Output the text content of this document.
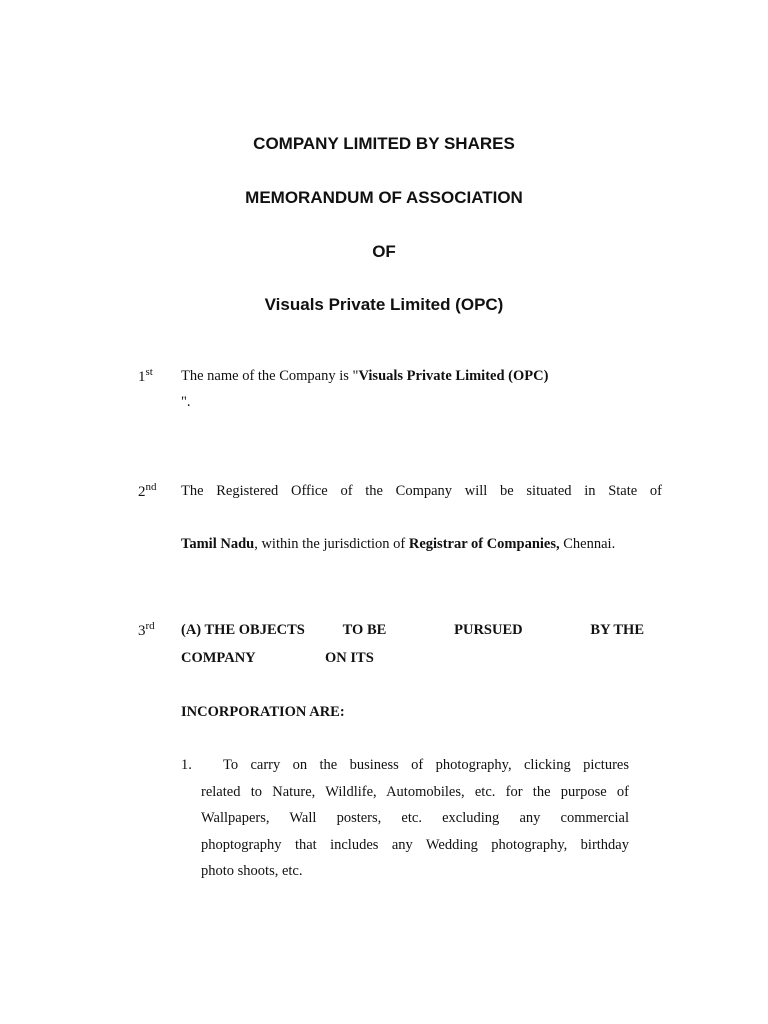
COMPANY LIMITED BY SHARES
MEMORANDUM OF ASSOCIATION
OF
Visuals Private Limited (OPC)
1st The name of the Company is "Visuals Private Limited (OPC)
".
2nd The Registered Office of the Company will be situated in State of
Tamil Nadu, within the jurisdiction of Registrar of Companies, Chennai.
3rd (A) THE OBJECTS	TO BE	PURSUED	BY THE
COMPANY	ON ITS
INCORPORATION ARE:
1. To carry on the business of photography, clicking pictures
related to Nature, Wildlife, Automobiles, etc. for the purpose of
Wallpapers, Wall posters, etc. excluding any commercial
phoptography that includes any Wedding photography, birthday
photo shoots, etc.
